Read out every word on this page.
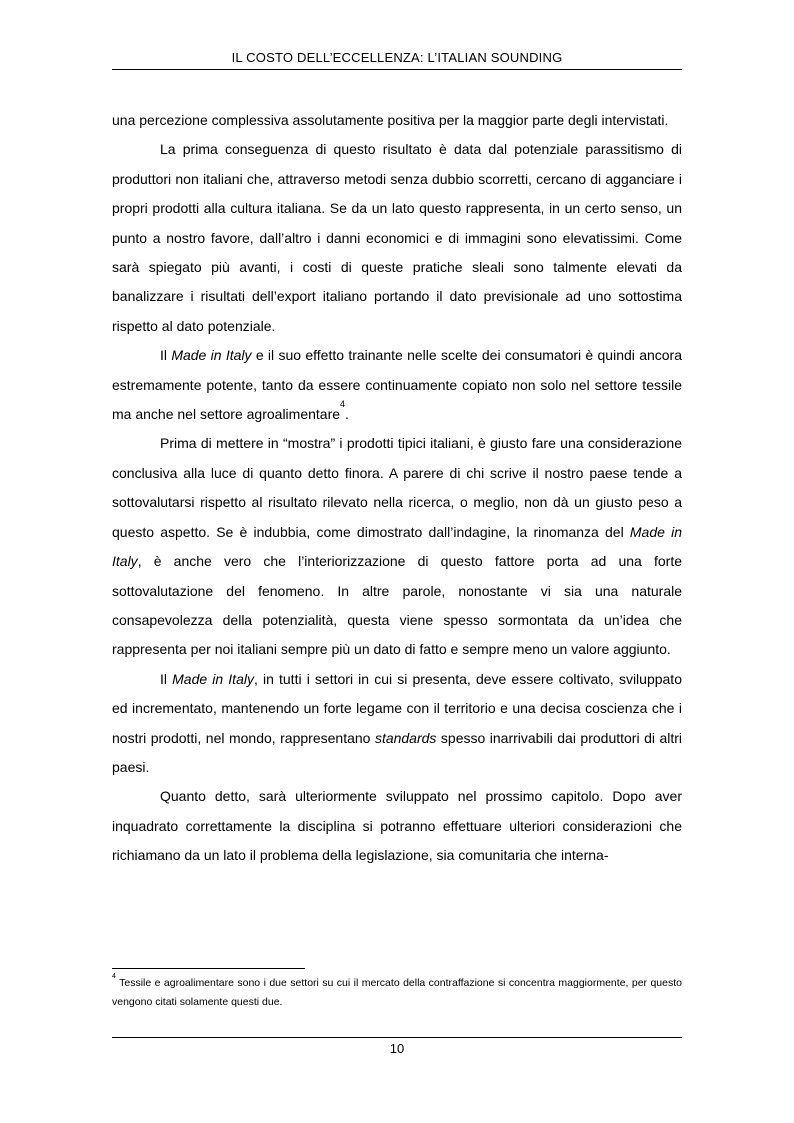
IL COSTO DELL’ECCELLENZA: L’ITALIAN SOUNDING

una percezione complessiva assolutamente positiva per la maggior parte degli intervistati.

La prima conseguenza di questo risultato è data dal potenziale parassitismo di produttori non italiani che, attraverso metodi senza dubbio scorretti, cercano di agganciare i propri prodotti alla cultura italiana. Se da un lato questo rappresenta, in un certo senso, un punto a nostro favore, dall’altro i danni economici e di immagini sono elevatissimi. Come sarà spiegato più avanti, i costi di queste pratiche sleali sono talmente elevati da banalizzare i risultati dell’export italiano portando il dato previsionale ad uno sottostima rispetto al dato potenziale.

Il Made in Italy e il suo effetto trainante nelle scelte dei consumatori è quindi ancora estremamente potente, tanto da essere continuamente copiato non solo nel settore tessile ma anche nel settore agroalimentare$^4$.

Prima di mettere in “mostra” i prodotti tipici italiani, è giusto fare una considerazione conclusiva alla luce di quanto detto finora. A parere di chi scrive il nostro paese tende a sottovalutarsi rispetto al risultato rilevato nella ricerca, o meglio, non dà un giusto peso a questo aspetto. Se è indubbia, come dimostrato dall’indagine, la rinomanza del Made in Italy, è anche vero che l’interiorizzazione di questo fattore porta ad una forte sottovalutazione del fenomeno. In altre parole, nonostante vi sia una naturale consapevolezza della potenzialità, questa viene spesso sormontata da un’idea che rappresenta per noi italiani sempre più un dato di fatto e sempre meno un valore aggiunto.

Il Made in Italy, in tutti i settori in cui si presenta, deve essere coltivato, sviluppato ed incrementato, mantenendo un forte legame con il territorio e una decisa coscienza che i nostri prodotti, nel mondo, rappresentano standards spesso inarrivabili dai produttori di altri paesi.

Quanto detto, sarà ulteriormente sviluppato nel prossimo capitolo. Dopo aver inquadrato correttamente la disciplina si potranno effettuare ulteriori considerazioni che richiamano da un lato il problema della legislazione, sia comunitaria che interna-

$^4$ Tessile e agroalimentare sono i due settori su cui il mercato della contraffazione si concentra maggiormente, per questo vengono citati solamente questi due.
10
